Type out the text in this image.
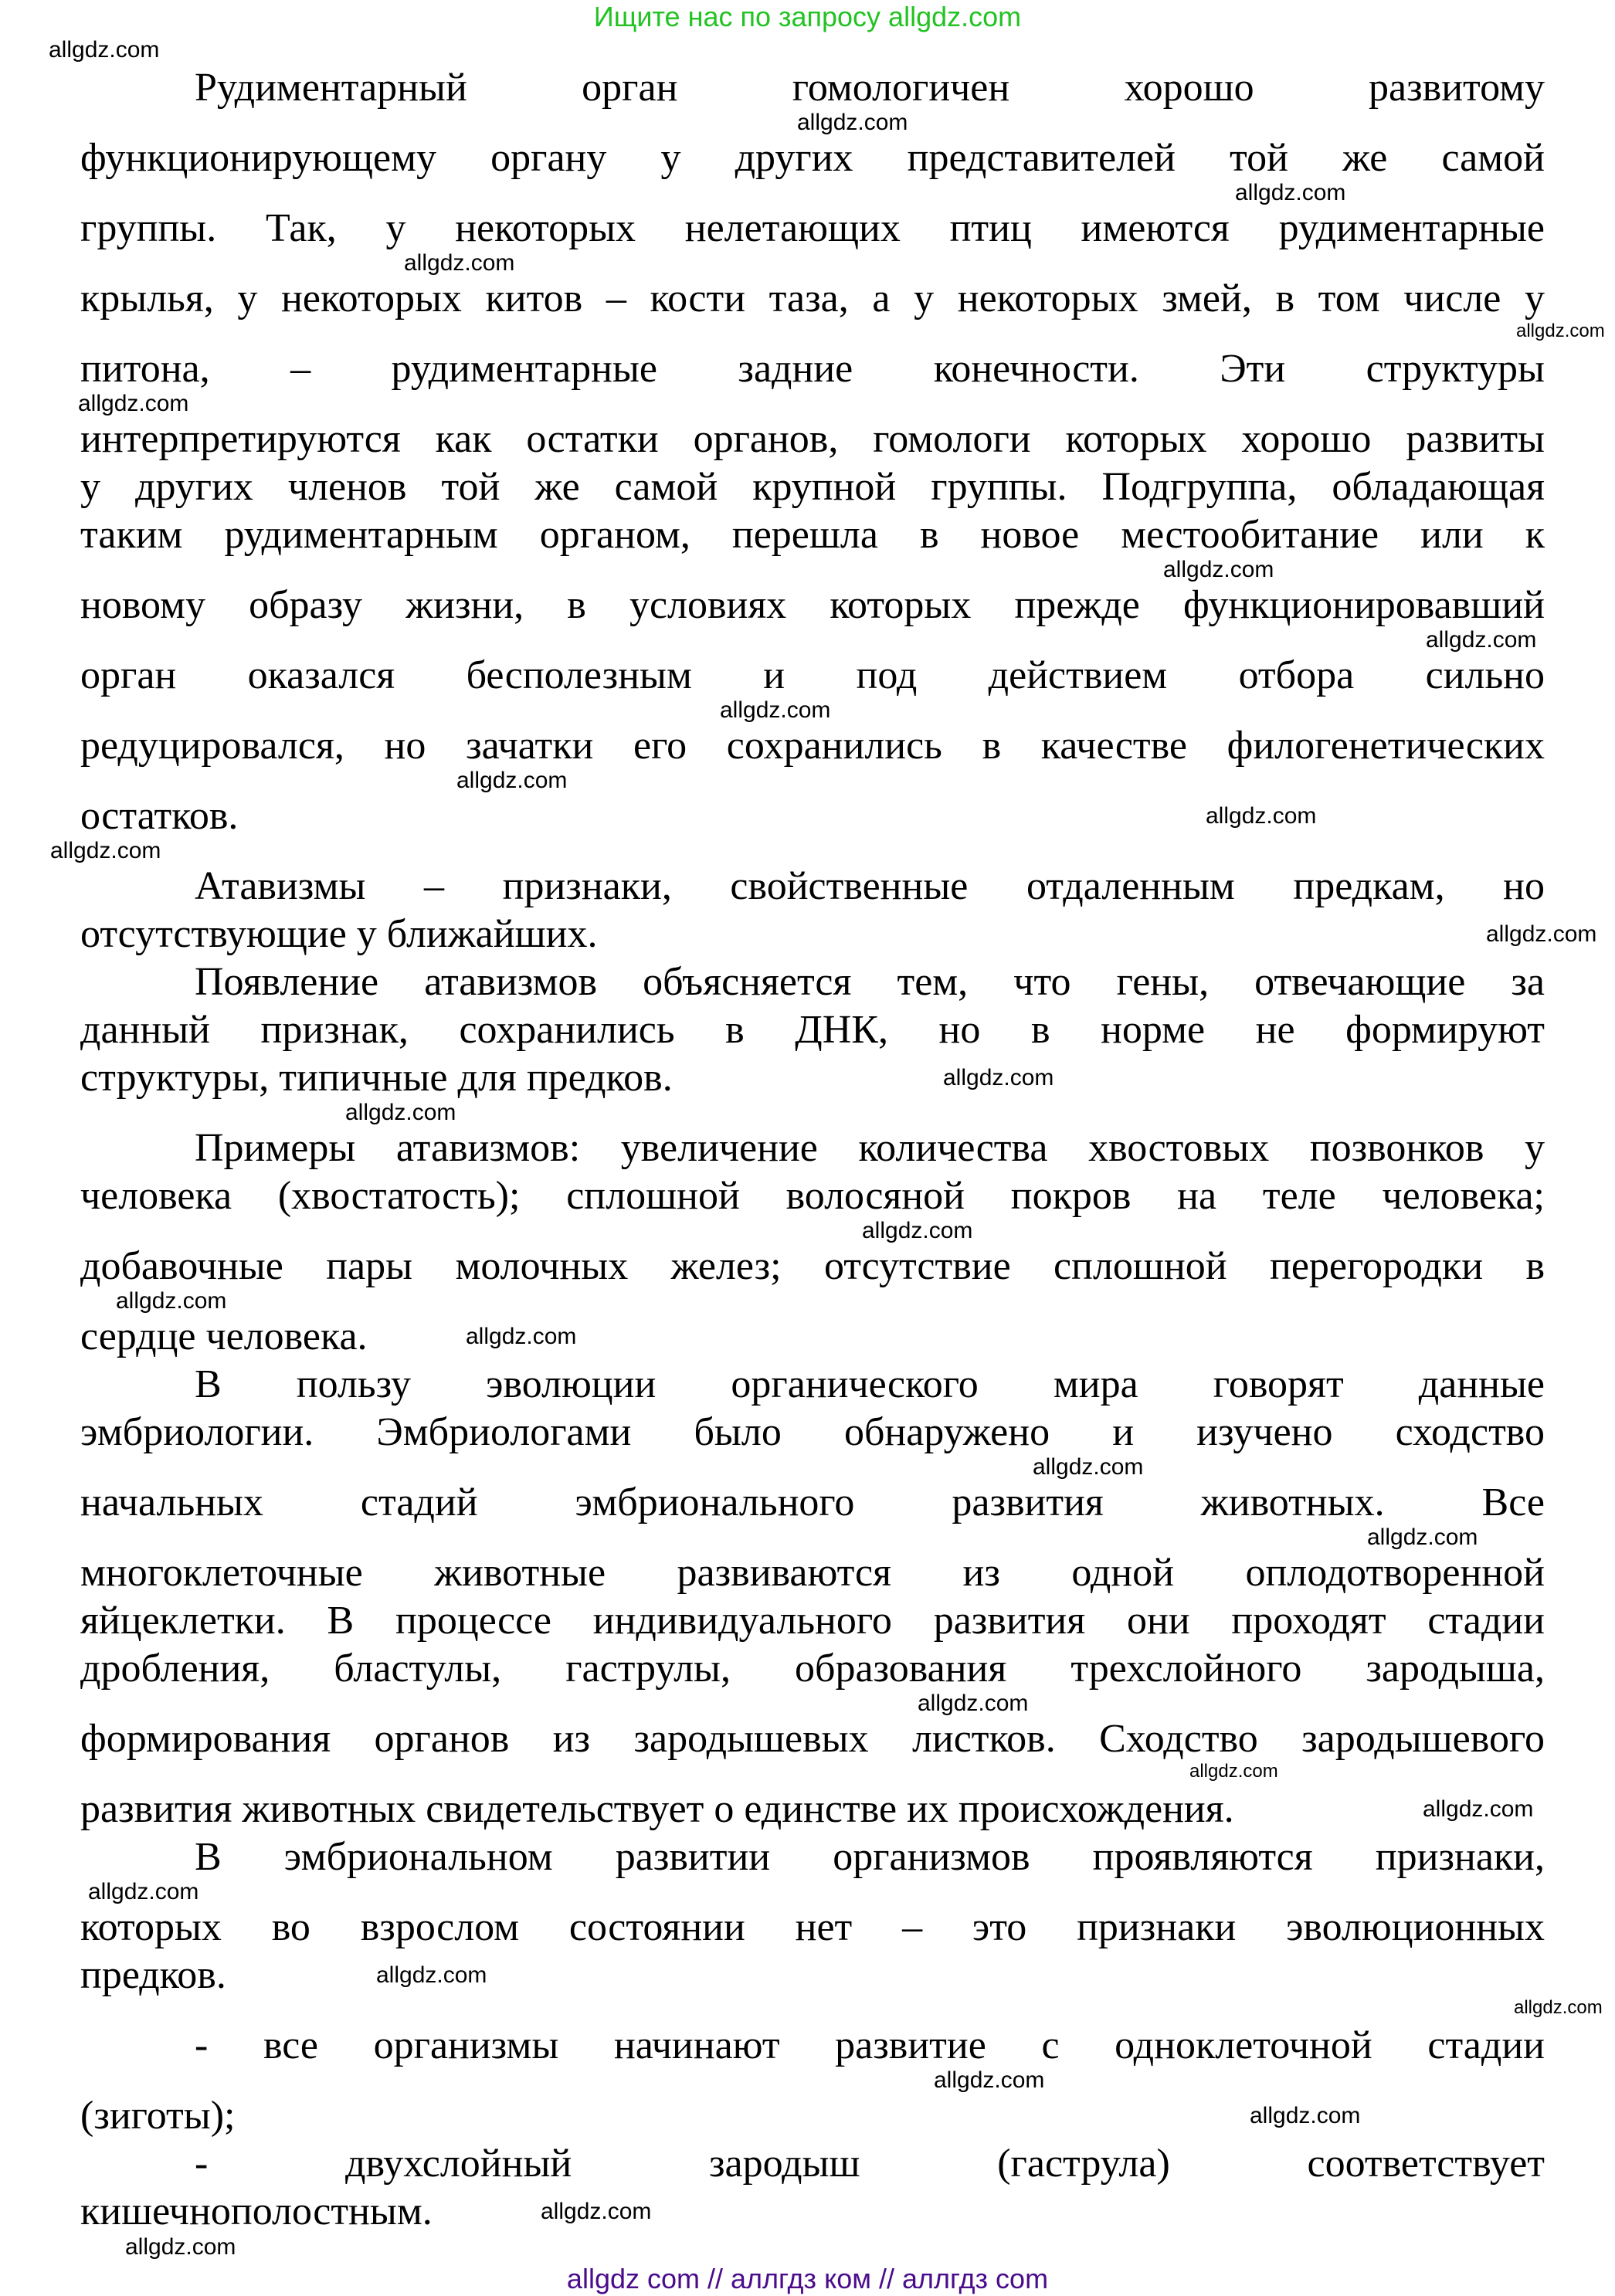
Ищите нас по запросу allgdz.com
Рудиментарный орган гомологичен хорошо развитому
функционирующему органу у других представителей той же самой
группы. Так, у некоторых нелетающих птиц имеются рудиментарные
крылья, у некоторых китов – кости таза, а у некоторых змей, в том числе у
питона, – рудиментарные задние конечности. Эти структуры
интерпретируются как остатки органов, гомологи которых хорошо развиты
у других членов той же самой крупной группы. Подгруппа, обладающая
таким рудиментарным органом, перешла в новое местообитание или к
новому образу жизни, в условиях которых прежде функционировавший
орган оказался бесполезным и под действием отбора сильно
редуцировался, но зачатки его сохранились в качестве филогенетических
остатков.
Атавизмы – признаки, свойственные отдаленным предкам, но
отсутствующие у ближайших.
Появление атавизмов объясняется тем, что гены, отвечающие за
данный признак, сохранились в ДНК, но в норме не формируют
структуры, типичные для предков.
Примеры атавизмов: увеличение количества хвостовых позвонков у
человека (хвостатость); сплошной волосяной покров на теле человека;
добавочные пары молочных желез; отсутствие сплошной перегородки в
сердце человека.
В пользу эволюции органического мира говорят данные
эмбриологии. Эмбриологами было обнаружено и изучено сходство
начальных стадий эмбрионального развития животных. Все
многоклеточные животные развиваются из одной оплодотворенной
яйцеклетки. В процессе индивидуального развития они проходят стадии
дробления, бластулы, гаструлы, образования трехслойного зародыша,
формирования органов из зародышевых листков. Сходство зародышевого
развития животных свидетельствует о единстве их происхождения.
В эмбриональном развитии организмов проявляются признаки,
которых во взрослом состоянии нет – это признаки эволюционных
предков.
- все организмы начинают развитие с одноклеточной стадии
(зиготы);
- двухслойный зародыш (гаструла) соответствует
кишечнополостным.
allgdz.com
allgdz.com
allgdz.com
allgdz.com
allgdz.com
allgdz.com
allgdz.com
allgdz.com
allgdz.com
allgdz.com
allgdz.com
allgdz.com
allgdz.com
allgdz.com
allgdz.com
allgdz.com
allgdz.com
allgdz.com
allgdz.com
allgdz.com
allgdz.com
allgdz.com
allgdz.com
allgdz.com
allgdz.com
allgdz.com
allgdz.com
allgdz.com
allgdz.com
allgdz.com
allgdz com // аллгдз ком // аллгдз com
